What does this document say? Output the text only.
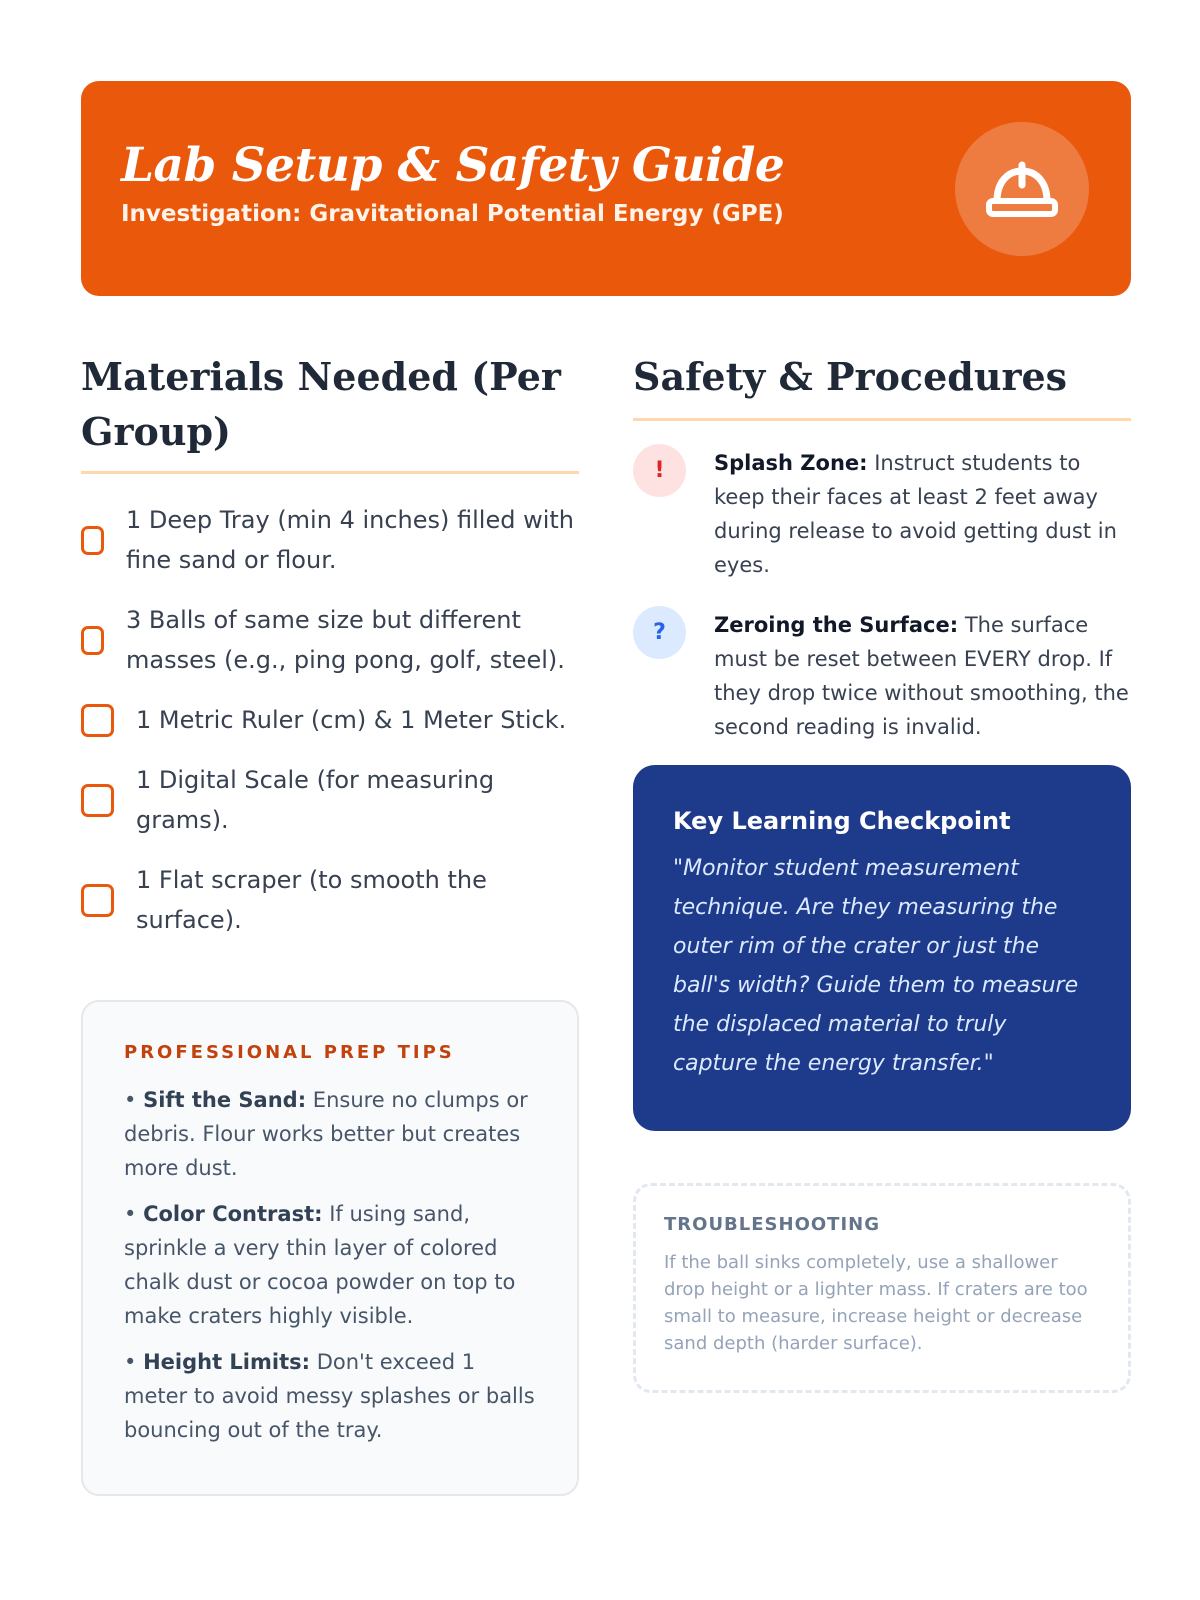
Lab Setup & Safety Guide

Investigation: Gravitational Potential Energy (GPE)

Materials Needed (Per Group)
1 Deep Tray (min 4 inches) filled with fine sand or flour.
3 Balls of same size but different masses (e.g., ping pong, golf, steel).
1 Metric Ruler (cm) & 1 Meter Stick.
1 Digital Scale (for measuring grams).
1 Flat scraper (to smooth the surface).

PROFESSIONAL PREP TIPS

• Sift the Sand: Ensure no clumps or debris. Flour works better but creates more dust.

• Color Contrast: If using sand, sprinkle a very thin layer of colored chalk dust or cocoa powder on top to make craters highly visible.

• Height Limits: Don't exceed 1 meter to avoid messy splashes or balls bouncing out of the tray.

Safety & Procedures
!	Splash Zone: Instruct students to keep their faces at least 2 feet away during release to avoid getting dust in eyes.
?	Zeroing the Surface: The surface must be reset between EVERY drop. If they drop twice without smoothing, the second reading is invalid.

Key Learning Checkpoint

"Monitor student measurement technique. Are they measuring the outer rim of the crater or just the ball's width? Guide them to measure the displaced material to truly capture the energy transfer."

TROUBLESHOOTING

If the ball sinks completely, use a shallower drop height or a lighter mass. If craters are too small to measure, increase height or decrease sand depth (harder surface).
